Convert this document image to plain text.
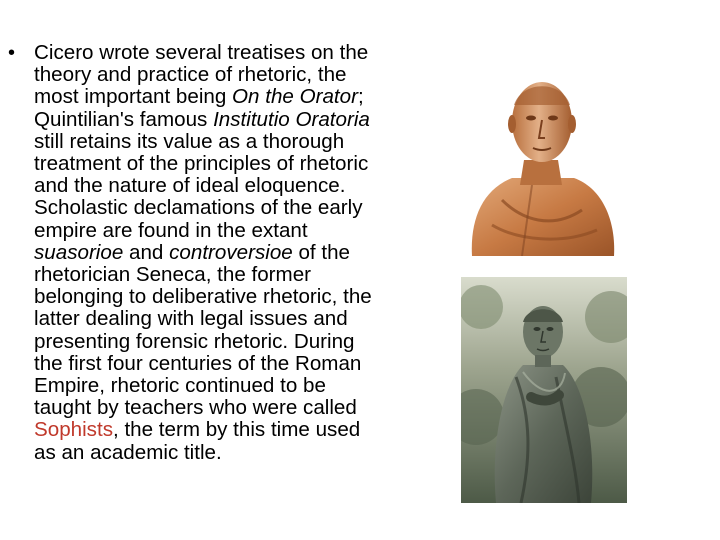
• Cicero wrote several treatises on the
theory and practice of rhetoric, the
most important being On the Orator;
Quintilian's famous Institutio Oratoria
still retains its value as a thorough
treatment of the principles of rhetoric
and the nature of ideal eloquence.
Scholastic declamations of the early
empire are found in the extant
suasorioe and controversioe of the
rhetorician Seneca, the former
belonging to deliberative rhetoric, the
latter dealing with legal issues and
presenting forensic rhetoric. During
the first four centuries of the Roman
Empire, rhetoric continued to be
taught by teachers who were called
Sophists, the term by this time used
as an academic title.
